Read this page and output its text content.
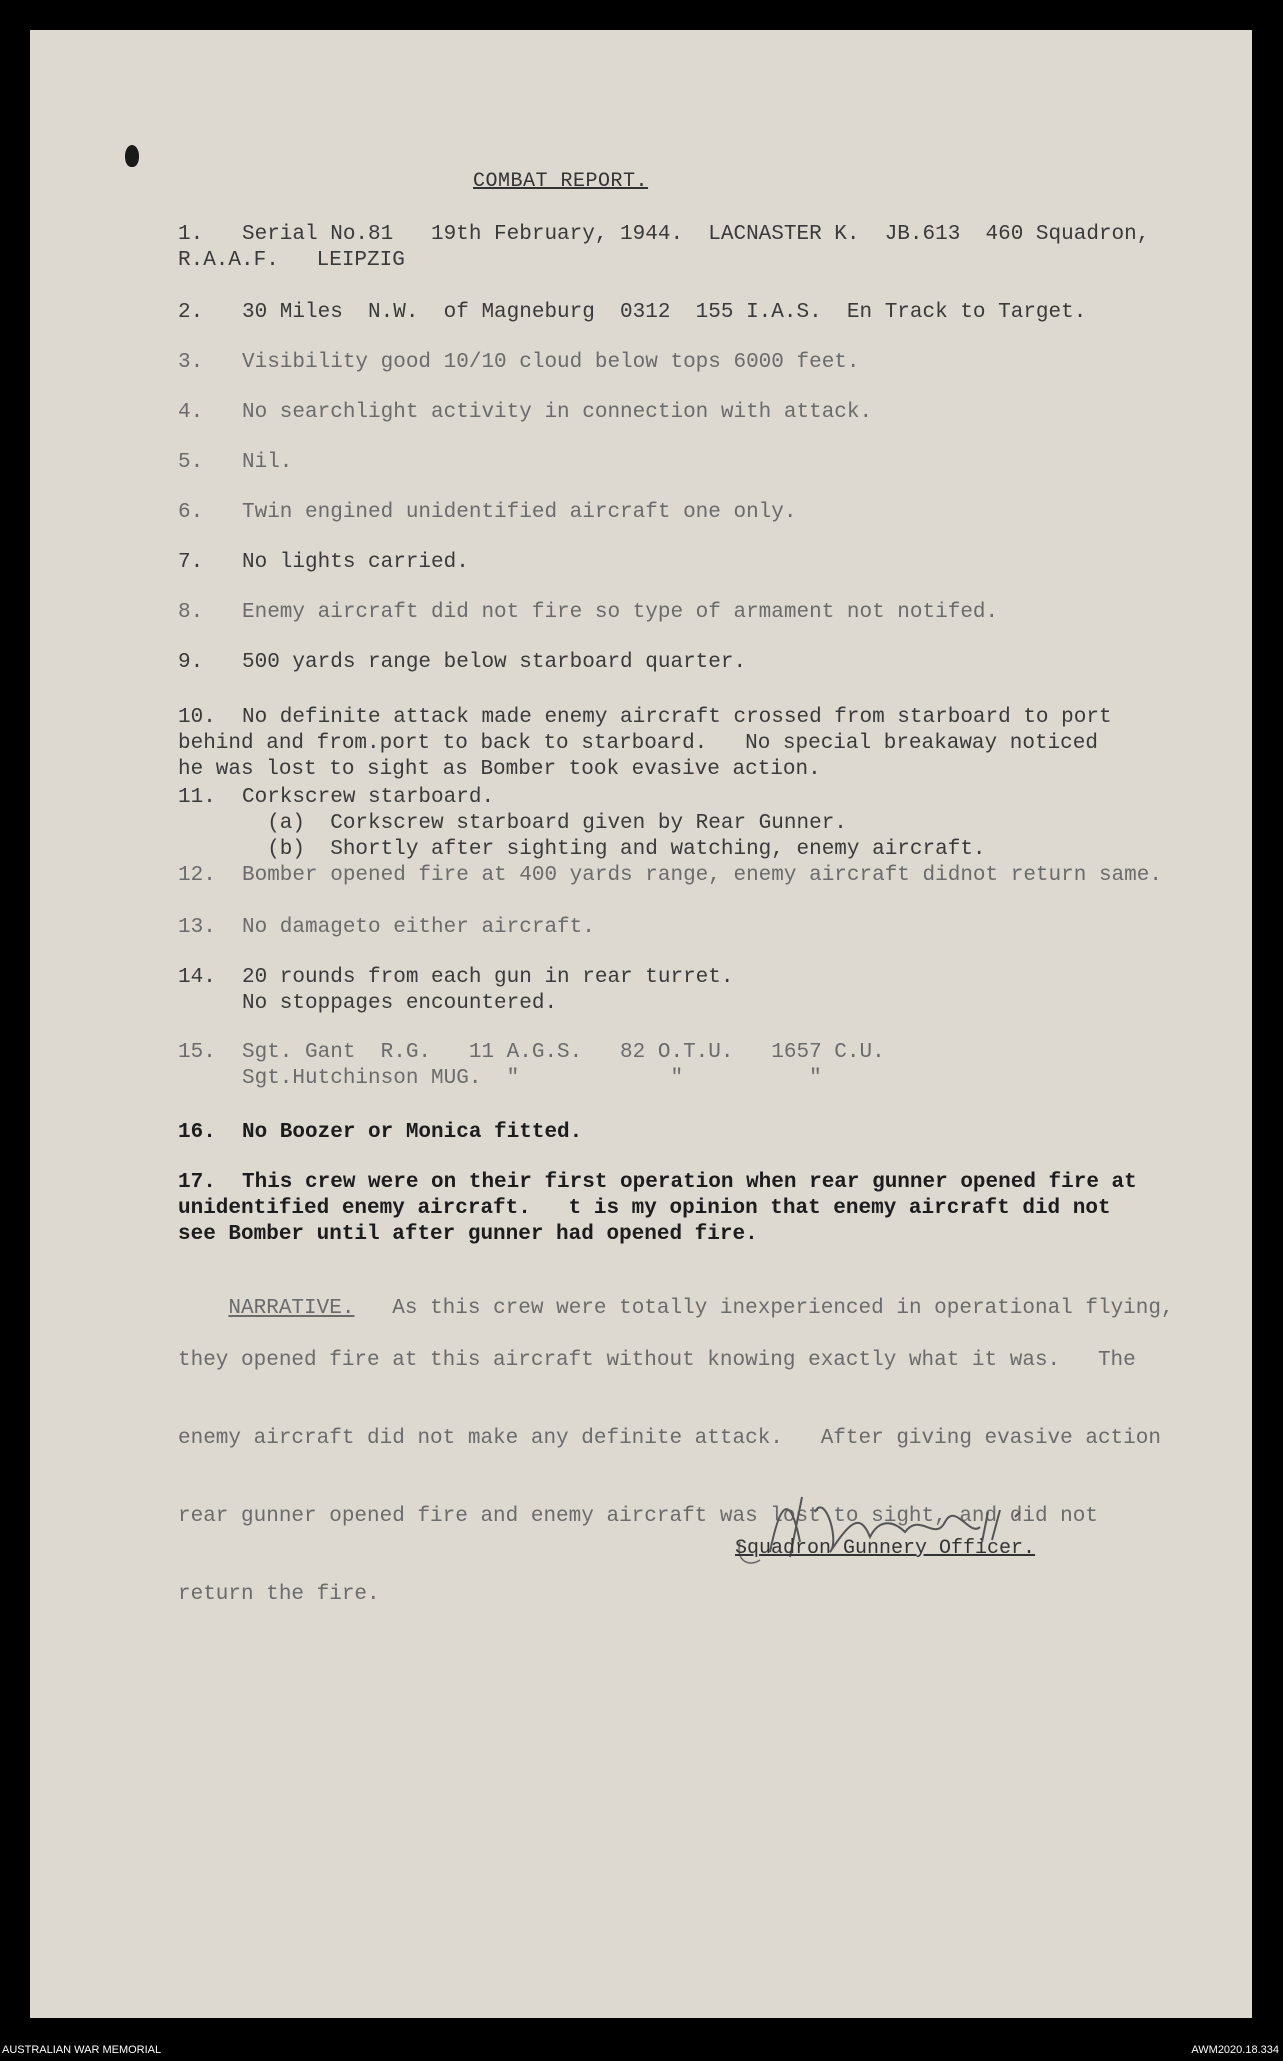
COMBAT REPORT.
1. Serial No.81   19th February, 1944.  LACNASTER K.  JB.613  460 Squadron,
R.A.A.F.   LEIPZIG
2. 30 Miles  N.W.  of Magneburg  0312  155 I.A.S.  En Track to Target.
3. Visibility good 10/10 cloud below tops 6000 feet.
4. No searchlight activity in connection with attack.
5. Nil.
6. Twin engined unidentified aircraft one only.
7. No lights carried.
8. Enemy aircraft did not fire so type of armament not notifed.
9. 500 yards range below starboard quarter.
10. No definite attack made enemy aircraft crossed from starboard to port
behind and from.port to back to starboard.   No special breakaway noticed
he was lost to sight as Bomber took evasive action.
11. Corkscrew starboard.
(a)  Corkscrew starboard given by Rear Gunner.
(b)  Shortly after sighting and watching, enemy aircraft.
12. Bomber opened fire at 400 yards range, enemy aircraft didnot return same.
13. No damageto either aircraft.
14. 20 rounds from each gun in rear turret.
No stoppages encountered.
15. Sgt. Gant  R.G.   11 A.G.S.   82 O.T.U.   1657 C.U.
Sgt.Hutchinson MUG.  "            "          "
16. No Boozer or Monica fitted.
17. This crew were on their first operation when rear gunner opened fire at
unidentified enemy aircraft.   t is my opinion that enemy aircraft did not
see Bomber until after gunner had opened fire.

NARRATIVE.   As this crew were totally inexperienced in operational flying,

they opened fire at this aircraft without knowing exactly what it was.   The

enemy aircraft did not make any definite attack.   After giving evasive action

rear gunner opened fire and enemy aircraft was lost to sight, and did not

return the fire.

Squadron Gunnery Officer.
AUSTRALIAN WAR MEMORIAL	AWM2020.18.334
